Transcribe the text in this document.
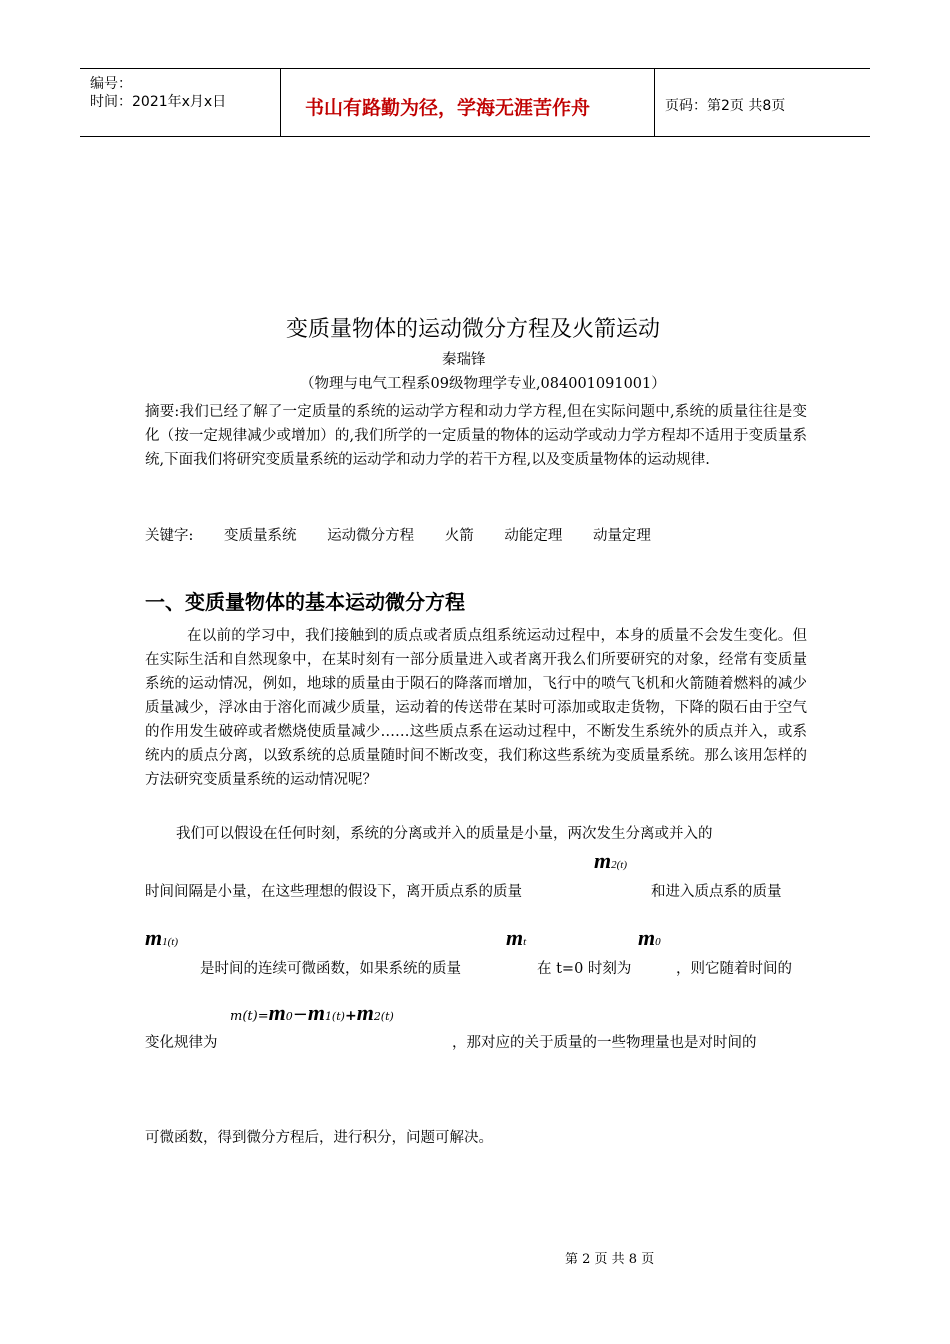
编号：
时间：2021年x月x日	书山有路勤为径，学海无涯苦作舟	页码：第2页 共8页
变质量物体的运动微分方程及火箭运动
秦瑞锋
（物理与电气工程系09级物理学专业,084001091001）
摘要:我们已经了解了一定质量的系统的运动学方程和动力学方程,但在实际问题中,系统的质量往往是变化（按一定规律减少或增加）的,我们所学的一定质量的物体的运动学或动力学方程却不适用于变质量系统,下面我们将研究变质量系统的运动学和动力学的若干方程,以及变质量物体的运动规律.
关键字: 变质量系统 运动微分方程 火箭 动能定理 动量定理
一、变质量物体的基本运动微分方程
在以前的学习中，我们接触到的质点或者质点组系统运动过程中，本身的质量不会发生变化。但在实际生活和自然现象中，在某时刻有一部分质量进入或者离开我么们所要研究的对象，经常有变质量系统的运动情况，例如，地球的质量由于陨石的降落而增加，飞行中的喷气飞机和火箭随着燃料的减少质量减少，浮冰由于溶化而减少质量，运动着的传送带在某时可添加或取走货物，下降的陨石由于空气的作用发生破碎或者燃烧使质量减少……这些质点系在运动过程中，不断发生系统外的质点并入，或系统内的质点分离，以致系统的总质量随时间不断改变，我们称这些系统为变质量系统。那么该用怎样的方法研究变质量系统的运动情况呢？
我们可以假设在任何时刻，系统的分离或并入的质量是小量，两次发生分离或并入的
m2(t)
时间间隔是小量，在这些理想的假设下，离开质点系的质量	和进入质点系的质量
m1(t)	mt	m0
是时间的连续可微函数，如果系统的质量	在 t=0 时刻为	，则它随着时间的
m(t)=m0−m1(t)+m2(t)
变化规律为	，那对应的关于质量的一些物理量也是对时间的
可微函数，得到微分方程后，进行积分，问题可解决。
第 2 页 共 8 页
